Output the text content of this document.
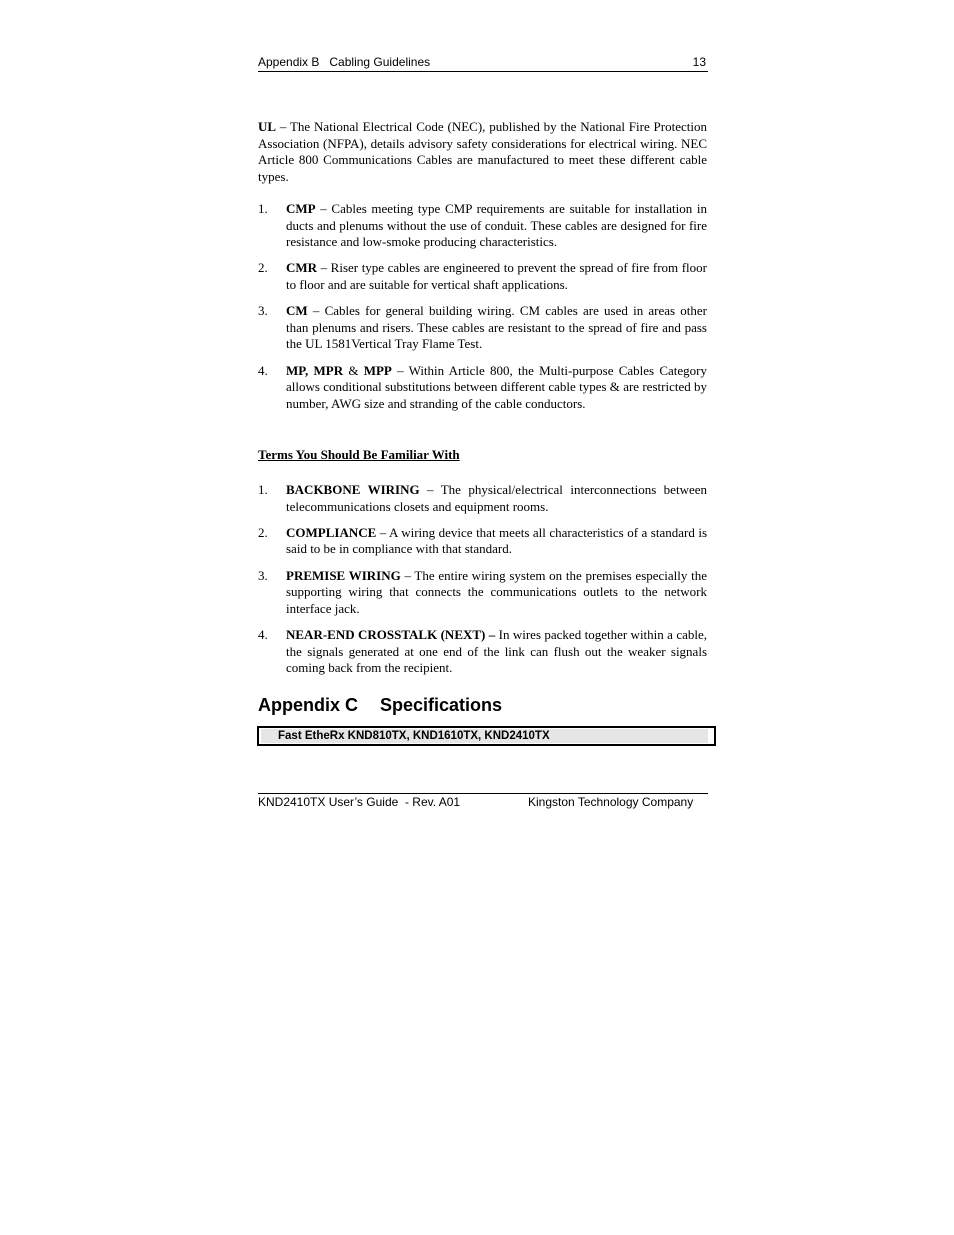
Appendix B Cabling Guidelines	13

UL – The National Electrical Code (NEC), published by the National Fire Protection Association (NFPA), details advisory safety considerations for electrical wiring. NEC Article 800 Communications Cables are manufactured to meet these different cable types.

1. CMP – Cables meeting type CMP requirements are suitable for installation in ducts and plenums without the use of conduit. These cables are designed for fire resistance and low-smoke producing characteristics.
2. CMR – Riser type cables are engineered to prevent the spread of fire from floor to floor and are suitable for vertical shaft applications.
3. CM – Cables for general building wiring. CM cables are used in areas other than plenums and risers. These cables are resistant to the spread of fire and pass the UL 1581Vertical Tray Flame Test.
4. MP, MPR & MPP – Within Article 800, the Multi-purpose Cables Category allows conditional substitutions between different cable types & are restricted by number, AWG size and stranding of the cable conductors.

Terms You Should Be Familiar With

1. BACKBONE WIRING – The physical/electrical interconnections between telecommunications closets and equipment rooms.
2. COMPLIANCE – A wiring device that meets all characteristics of a standard is said to be in compliance with that standard.
3. PREMISE WIRING – The entire wiring system on the premises especially the supporting wiring that connects the communications outlets to the network interface jack.
4. NEAR-END CROSSTALK (NEXT) – In wires packed together within a cable, the signals generated at one end of the link can flush out the weaker signals coming back from the recipient.
Appendix C Specifications
Fast EtheRx KND810TX, KND1610TX, KND2410TX
KND2410TX User’s Guide  - Rev. A01	Kingston Technology Company
